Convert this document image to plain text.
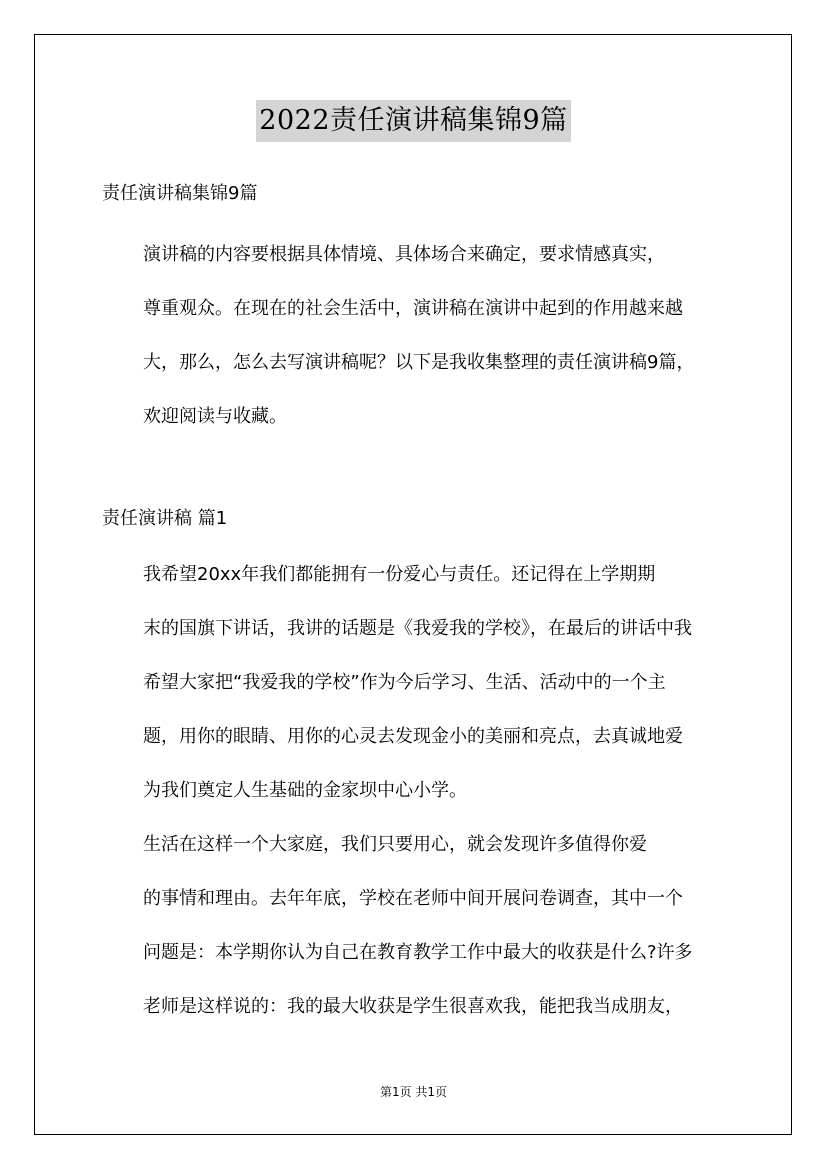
2022责任演讲稿集锦9篇
责任演讲稿集锦9篇
演讲稿的内容要根据具体情境、具体场合来确定，要求情感真实，
尊重观众。在现在的社会生活中，演讲稿在演讲中起到的作用越来越
大，那么，怎么去写演讲稿呢？以下是我收集整理的责任演讲稿9篇，
欢迎阅读与收藏。
责任演讲稿 篇1
我希望20xx年我们都能拥有一份爱心与责任。还记得在上学期期
末的国旗下讲话，我讲的话题是《我爱我的学校》，在最后的讲话中我
希望大家把“我爱我的学校”作为今后学习、生活、活动中的一个主
题，用你的眼睛、用你的心灵去发现金小的美丽和亮点，去真诚地爱
为我们奠定人生基础的金家坝中心小学。
生活在这样一个大家庭，我们只要用心，就会发现许多值得你爱
的事情和理由。去年年底，学校在老师中间开展问卷调查，其中一个
问题是：本学期你认为自己在教育教学工作中最大的收获是什么?许多
老师是这样说的：我的最大收获是学生很喜欢我，能把我当成朋友，
第1页 共1页
